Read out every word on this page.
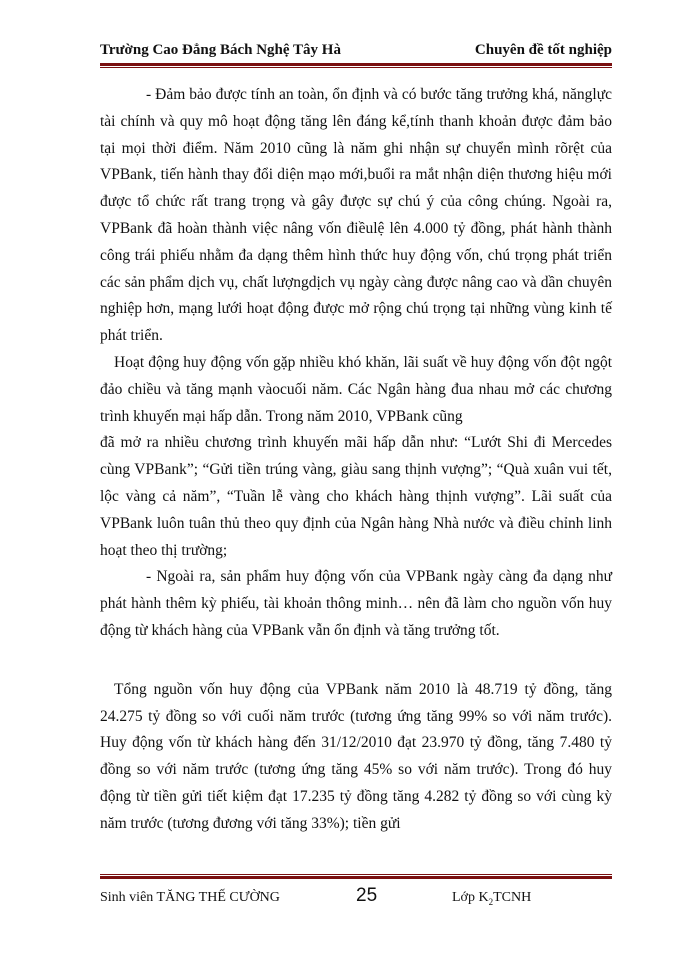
Trường Cao Đẳng Bách Nghệ Tây Hà	Chuyên đề tốt nghiệp

- Đảm bảo được tính an toàn, ổn định và có bước tăng trưởng khá, nănglực tài chính và quy mô hoạt động tăng lên đáng kể,tính thanh khoản được đảm bảo tại mọi thời điểm. Năm 2010 cũng là năm ghi nhận sự chuyển mình rõrệt của VPBank, tiến hành thay đổi diện mạo mới,buổi ra mắt nhận diện thương hiệu mới được tổ chức rất trang trọng và gây được sự chú ý của công chúng. Ngoài ra, VPBank đã hoàn thành việc nâng vốn điềulệ lên 4.000 tỷ đồng, phát hành thành công trái phiếu nhằm đa dạng thêm hình thức huy động vốn, chú trọng phát triển các sản phẩm dịch vụ, chất lượngdịch vụ ngày càng được nâng cao và dần chuyên nghiệp hơn, mạng lưới hoạt động được mở rộng chú trọng tại những vùng kinh tế phát triển.

Hoạt động huy động vốn gặp nhiều khó khăn, lãi suất về huy động vốn đột ngột đảo chiều và tăng mạnh vàocuối năm. Các Ngân hàng đua nhau mở các chương trình khuyến mại hấp dẫn. Trong năm 2010, VPBank cũng

đã mở ra nhiều chương trình khuyến mãi hấp dẫn như: “Lướt Shi đi Mercedes cùng VPBank”; “Gửi tiền trúng vàng, giàu sang thịnh vượng”; “Quà xuân vui tết, lộc vàng cả năm”, “Tuần lễ vàng cho khách hàng thịnh vượng”. Lãi suất của VPBank luôn tuân thủ theo quy định của Ngân hàng Nhà nước và điều chỉnh linh hoạt theo thị trường;

- Ngoài ra, sản phẩm huy động vốn của VPBank ngày càng đa dạng như phát hành thêm kỳ phiếu, tài khoản thông minh… nên đã làm cho nguồn vốn huy động từ khách hàng của VPBank vẫn ổn định và tăng trưởng tốt.

Tổng nguồn vốn huy động của VPBank năm 2010 là 48.719 tỷ đồng, tăng 24.275 tỷ đồng so với cuối năm trước (tương ứng tăng 99% so với năm trước). Huy động vốn từ khách hàng đến 31/12/2010 đạt 23.970 tỷ đồng, tăng 7.480 tỷ đồng so với năm trước (tương ứng tăng 45% so với năm trước). Trong đó huy động từ tiền gửi tiết kiệm đạt 17.235 tỷ đồng tăng 4.282 tỷ đồng so với cùng kỳ năm trước (tương đương với tăng 33%); tiền gửi

Sinh viên TĂNG THẾ CƯỜNG	25	Lớp $K_2TCNH$
